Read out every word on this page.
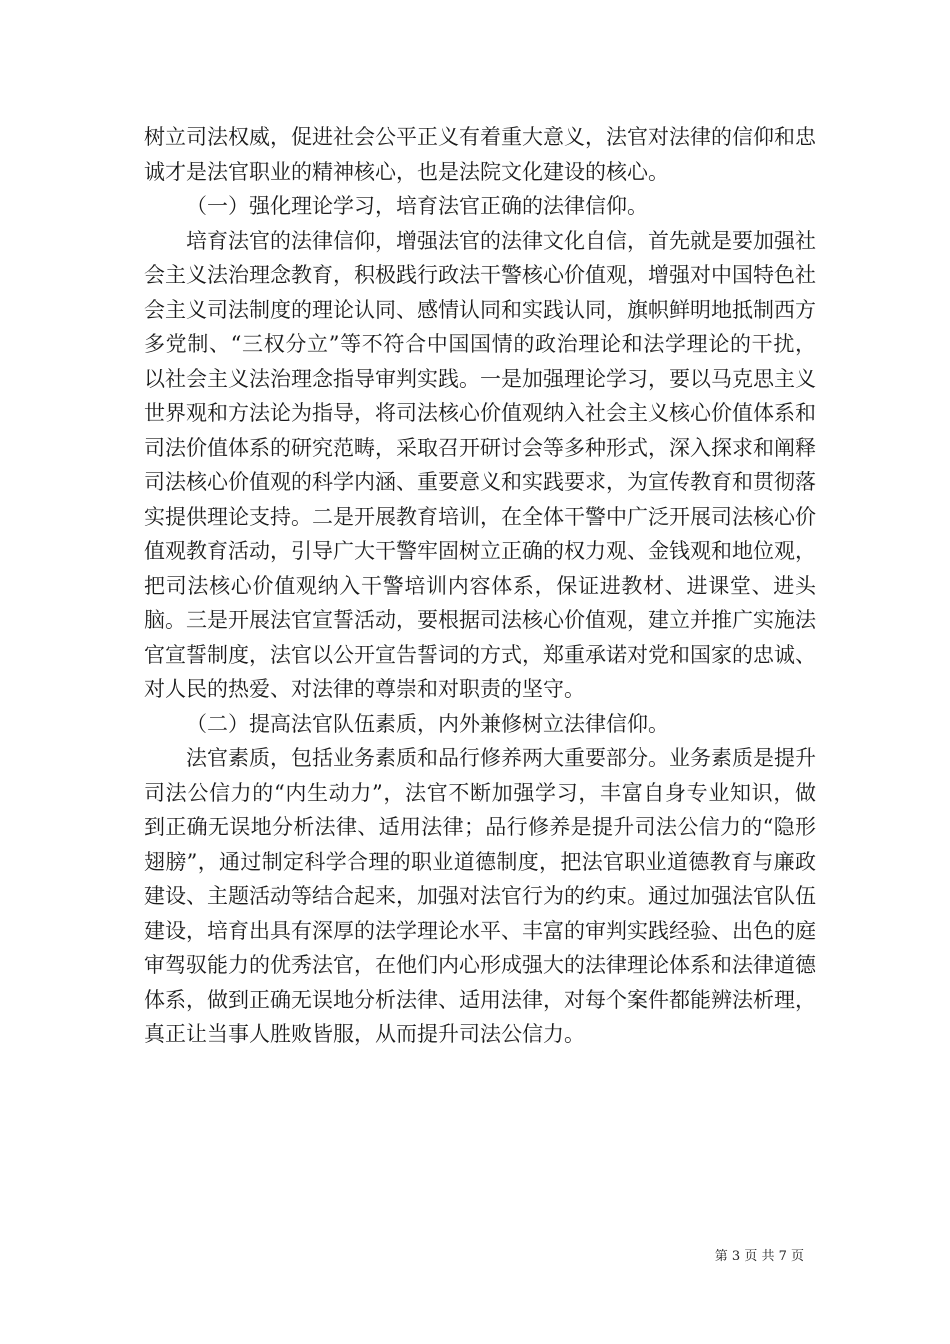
树立司法权威，促进社会公平正义有着重大意义，法官对法律的信仰和忠诚才是法官职业的精神核心，也是法院文化建设的核心。

（一）强化理论学习，培育法官正确的法律信仰。

培育法官的法律信仰，增强法官的法律文化自信，首先就是要加强社会主义法治理念教育，积极践行政法干警核心价值观，增强对中国特色社会主义司法制度的理论认同、感情认同和实践认同，旗帜鲜明地抵制西方多党制、“三权分立”等不符合中国国情的政治理论和法学理论的干扰，以社会主义法治理念指导审判实践。一是加强理论学习，要以马克思主义世界观和方法论为指导，将司法核心价值观纳入社会主义核心价值体系和司法价值体系的研究范畴，采取召开研讨会等多种形式，深入探求和阐释司法核心价值观的科学内涵、重要意义和实践要求，为宣传教育和贯彻落实提供理论支持。二是开展教育培训，在全体干警中广泛开展司法核心价值观教育活动，引导广大干警牢固树立正确的权力观、金钱观和地位观，把司法核心价值观纳入干警培训内容体系，保证进教材、进课堂、进头脑。三是开展法官宣誓活动，要根据司法核心价值观，建立并推广实施法官宣誓制度，法官以公开宣告誓词的方式，郑重承诺对党和国家的忠诚、对人民的热爱、对法律的尊崇和对职责的坚守。

（二）提高法官队伍素质，内外兼修树立法律信仰。

法官素质，包括业务素质和品行修养两大重要部分。业务素质是提升司法公信力的“内生动力”，法官不断加强学习，丰富自身专业知识，做到正确无误地分析法律、适用法律；品行修养是提升司法公信力的“隐形翅膀”，通过制定科学合理的职业道德制度，把法官职业道德教育与廉政建设、主题活动等结合起来，加强对法官行为的约束。通过加强法官队伍建设，培育出具有深厚的法学理论水平、丰富的审判实践经验、出色的庭审驾驭能力的优秀法官，在他们内心形成强大的法律理论体系和法律道德体系，做到正确无误地分析法律、适用法律，对每个案件都能辨法析理，真正让当事人胜败皆服，从而提升司法公信力。

第 3 页 共 7 页
